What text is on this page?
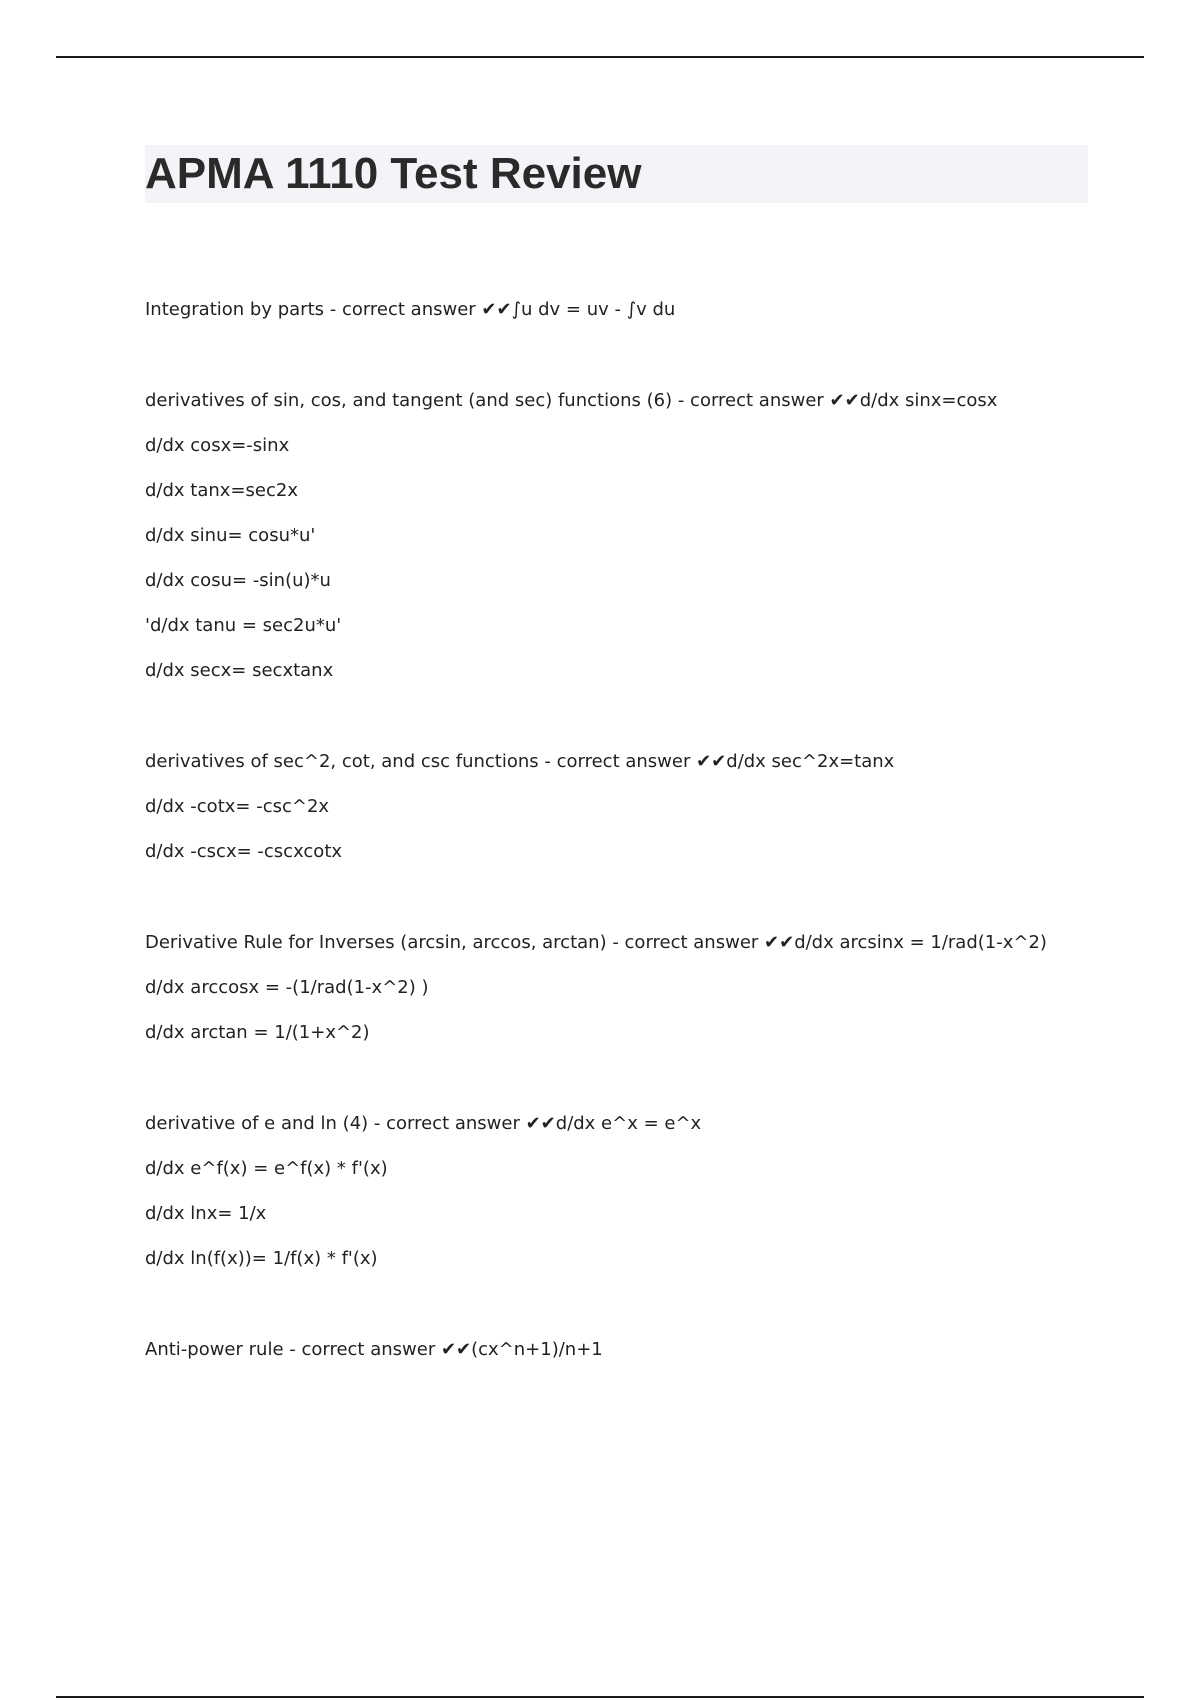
APMA 1110 Test Review
Integration by parts - correct answer ✔✔∫u dv = uv - ∫v du
derivatives of sin, cos, and tangent (and sec) functions (6) - correct answer ✔✔d/dx sinx=cosx
d/dx cosx=-sinx
d/dx tanx=sec2x
d/dx sinu= cosu*u'
d/dx cosu= -sin(u)*u
'd/dx tanu = sec2u*u'
d/dx secx= secxtanx
derivatives of sec^2, cot, and csc functions - correct answer ✔✔d/dx sec^2x=tanx
d/dx -cotx= -csc^2x
d/dx -cscx= -cscxcotx
Derivative Rule for Inverses (arcsin, arccos, arctan) - correct answer ✔✔d/dx arcsinx = 1/rad(1-x^2)
d/dx arccosx = -(1/rad(1-x^2) )
d/dx arctan = 1/(1+x^2)
derivative of e and ln (4) - correct answer ✔✔d/dx e^x = e^x
d/dx e^f(x) = e^f(x) * f'(x)
d/dx lnx= 1/x
d/dx ln(f(x))= 1/f(x) * f'(x)
Anti-power rule - correct answer ✔✔(cx^n+1)/n+1
